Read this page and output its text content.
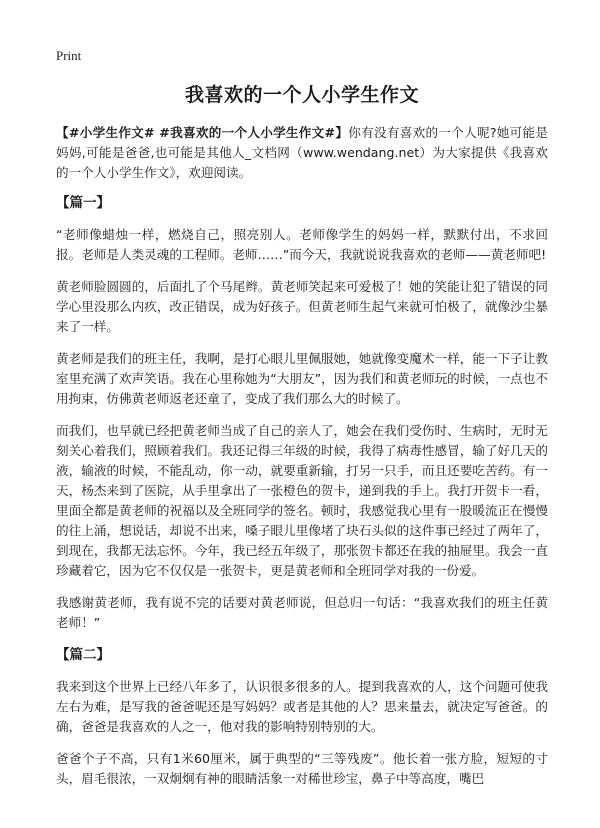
Print
我喜欢的一个人小学生作文

【#小学生作文# #我喜欢的一个人小学生作文#】你有没有喜欢的一个人呢?她可能是妈妈,可能是爸爸,也可能是其他人_文档网（www.wendang.net）为大家提供《我喜欢的一个人小学生作文》，欢迎阅读。

【篇一】

“老师像蜡烛一样，燃烧自己，照亮别人。老师像学生的妈妈一样，默默付出，不求回报。老师是人类灵魂的工程师。老师……”而今天，我就说说我喜欢的老师——黄老师吧!

黄老师脸圆圆的，后面扎了个马尾辫。黄老师笑起来可爱极了！她的笑能让犯了错误的同学心里没那么内疚，改正错误，成为好孩子。但黄老师生起气来就可怕极了，就像沙尘暴来了一样。

黄老师是我们的班主任，我啊，是打心眼儿里佩服她，她就像变魔术一样，能一下子让教室里充满了欢声笑语。我在心里称她为“大朋友”，因为我们和黄老师玩的时候，一点也不用拘束，仿佛黄老师返老还童了，变成了我们那么大的时候了。

而我们，也早就已经把黄老师当成了自己的亲人了，她会在我们受伤时、生病时，无时无刻关心着我们，照顾着我们。我还记得三年级的时候，我得了病毒性感冒，输了好几天的液，输液的时候，不能乱动，你一动，就要重新输，打另一只手，而且还要吃苦药。有一天，杨杰来到了医院，从手里拿出了一张橙色的贺卡，递到我的手上。我打开贺卡一看，里面全都是黄老师的祝福以及全班同学的签名。顿时，我感觉我心里有一股暖流正在慢慢的往上涌，想说话，却说不出来，嗓子眼儿里像堵了块石头似的这件事已经过了两年了，到现在，我都无法忘怀。今年，我已经五年级了，那张贺卡都还在我的抽屉里。我会一直珍藏着它，因为它不仅仅是一张贺卡，更是黄老师和全班同学对我的一份爱。

我感谢黄老师，我有说不完的话要对黄老师说，但总归一句话：“我喜欢我们的班主任黄老师！”

【篇二】

我来到这个世界上已经八年多了，认识很多很多的人。提到我喜欢的人，这个问题可使我左右为难，是写我的爸爸呢还是写妈妈？或者是其他的人？思来量去，就决定写爸爸。的确，爸爸是我喜欢的人之一，他对我的影响特别特别的大。

爸爸个子不高，只有1米60厘米，属于典型的“三等残废”。他长着一张方脸，短短的寸头，眉毛很浓，一双炯炯有神的眼睛活象一对稀世珍宝，鼻子中等高度，嘴巴
